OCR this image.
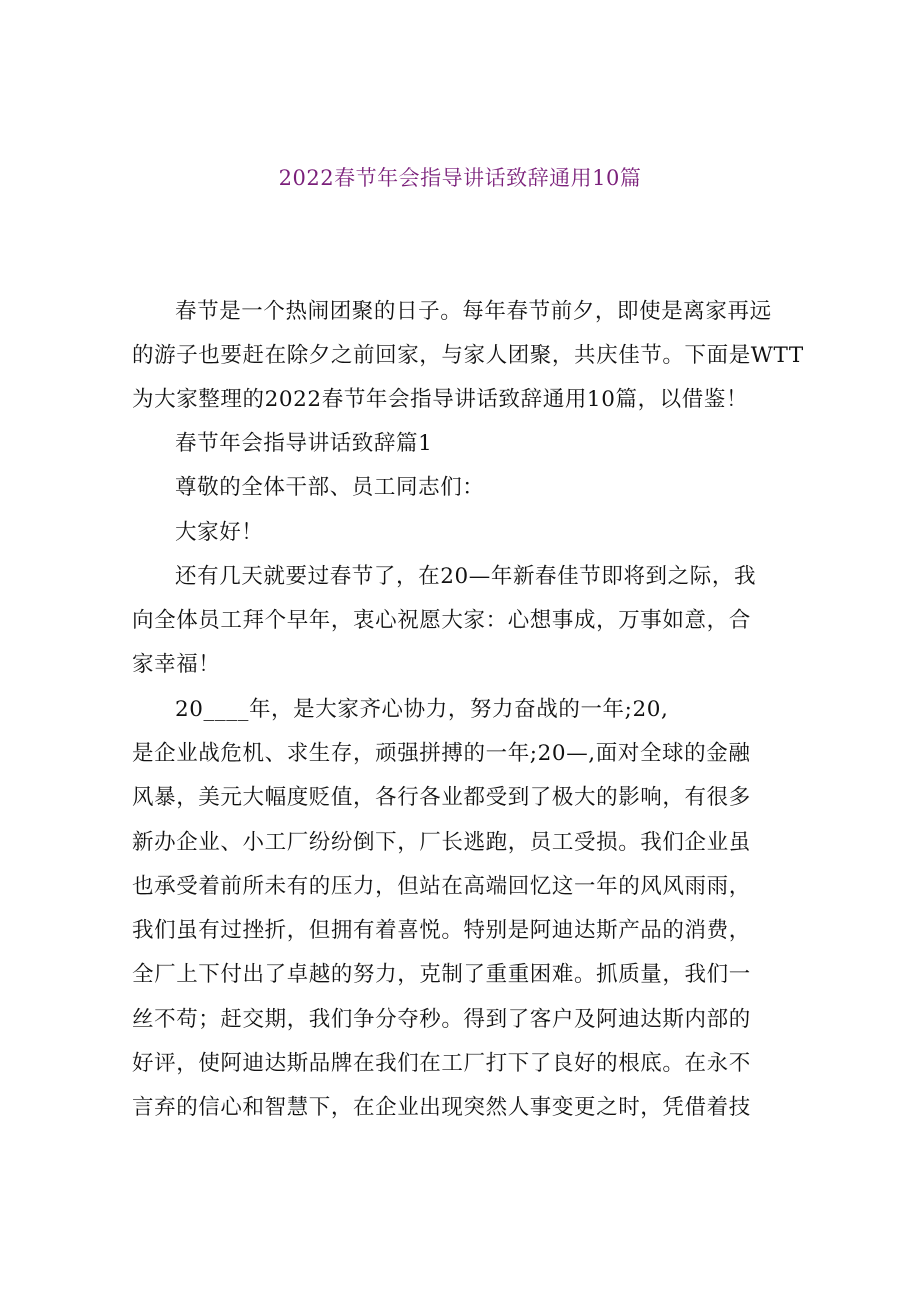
2022春节年会指导讲话致辞通用10篇
春节是一个热闹团聚的日子。每年春节前夕，即使是离家再远
的游子也要赶在除夕之前回家，与家人团聚，共庆佳节。下面是WTT
为大家整理的2022春节年会指导讲话致辞通用10篇，以借鉴！
春节年会指导讲话致辞篇1
尊敬的全体干部、员工同志们：
大家好！
还有几天就要过春节了，在20—年新春佳节即将到之际，我
向全体员工拜个早年，衷心祝愿大家：心想事成，万事如意，合
家幸福！
20____年，是大家齐心协力，努力奋战的一年;20,
是企业战危机、求生存，顽强拼搏的一年;20—,面对全球的金融
风暴，美元大幅度贬值，各行各业都受到了极大的影响，有很多
新办企业、小工厂纷纷倒下，厂长逃跑，员工受损。我们企业虽
也承受着前所未有的压力，但站在高端回忆这一年的风风雨雨，
我们虽有过挫折，但拥有着喜悦。特别是阿迪达斯产品的消费，
全厂上下付出了卓越的努力，克制了重重困难。抓质量，我们一
丝不苟；赶交期，我们争分夺秒。得到了客户及阿迪达斯内部的
好评，使阿迪达斯品牌在我们在工厂打下了良好的根底。在永不
言弃的信心和智慧下，在企业出现突然人事变更之时，凭借着技
